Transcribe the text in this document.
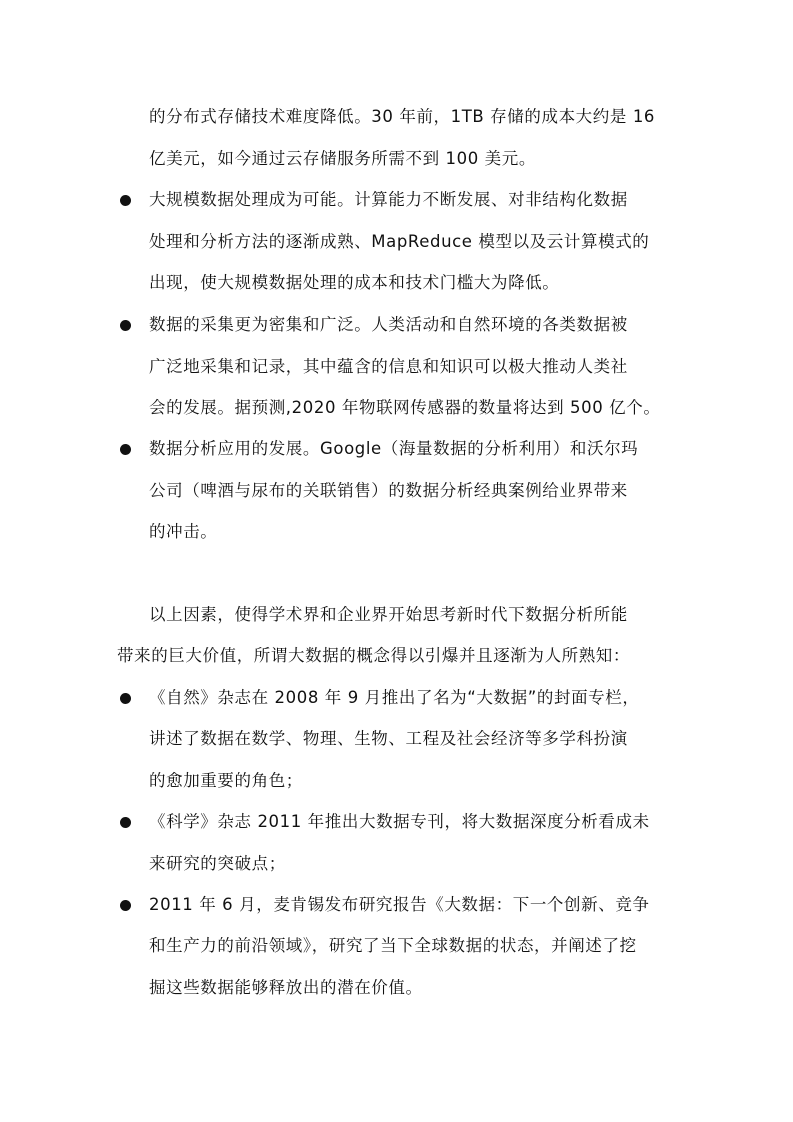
的分布式存储技术难度降低。30 年前，1TB 存储的成本大约是 16
亿美元，如今通过云存储服务所需不到 100 美元。
大规模数据处理成为可能。计算能力不断发展、对非结构化数据
处理和分析方法的逐渐成熟、MapReduce 模型以及云计算模式的
出现，使大规模数据处理的成本和技术门槛大为降低。
数据的采集更为密集和广泛。人类活动和自然环境的各类数据被
广泛地采集和记录，其中蕴含的信息和知识可以极大推动人类社
会的发展。据预测,2020 年物联网传感器的数量将达到 500 亿个。
数据分析应用的发展。Google（海量数据的分析利用）和沃尔玛
公司（啤酒与尿布的关联销售）的数据分析经典案例给业界带来
的冲击。
以上因素，使得学术界和企业界开始思考新时代下数据分析所能
带来的巨大价值，所谓大数据的概念得以引爆并且逐渐为人所熟知：
《自然》杂志在 2008 年 9 月推出了名为“大数据”的封面专栏，
讲述了数据在数学、物理、生物、工程及社会经济等多学科扮演
的愈加重要的角色；
《科学》杂志 2011 年推出大数据专刊，将大数据深度分析看成未
来研究的突破点；
2011 年 6 月，麦肯锡发布研究报告《大数据：下一个创新、竞争
和生产力的前沿领域》，研究了当下全球数据的状态，并阐述了挖
掘这些数据能够释放出的潜在价值。
